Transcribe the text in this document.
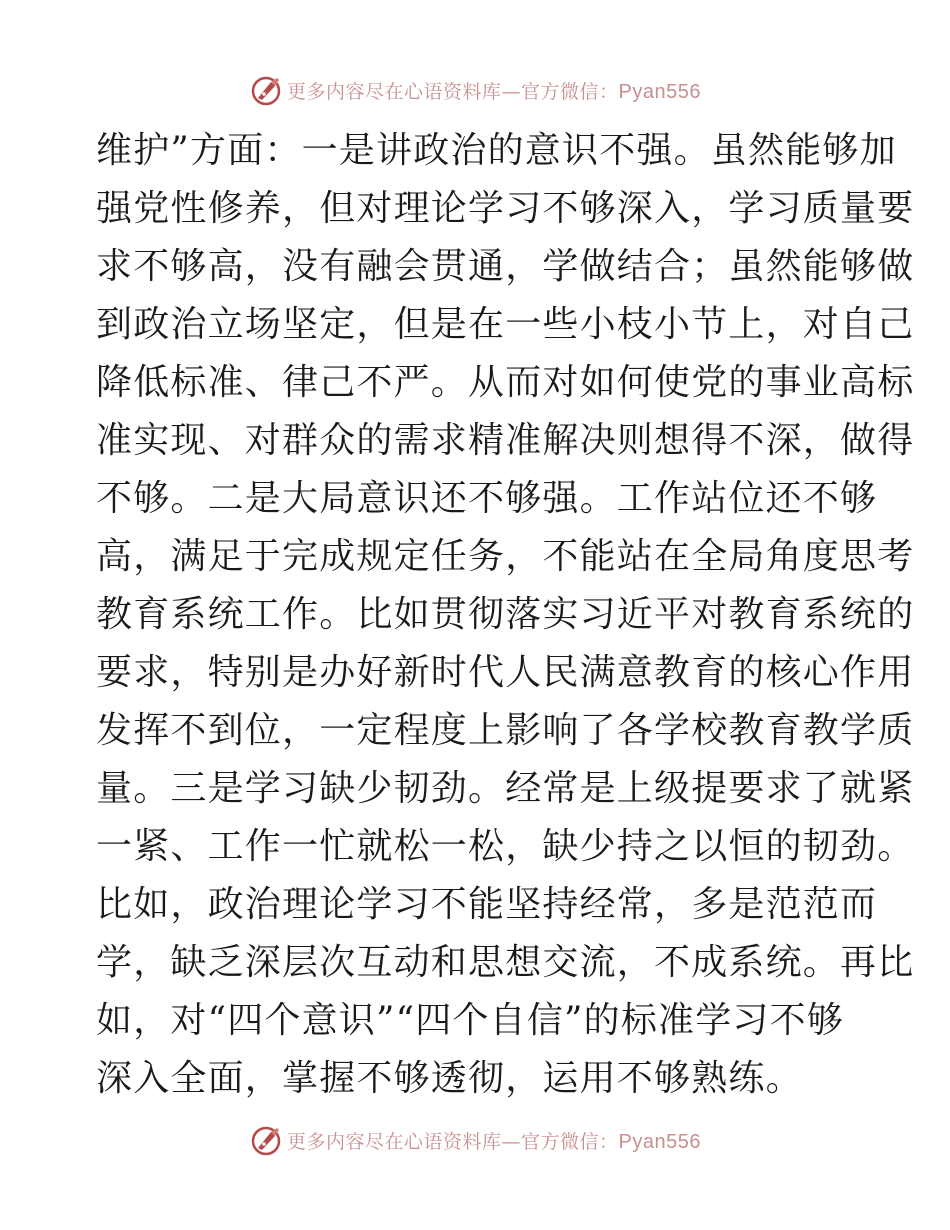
更多内容尽在心语资料库—官方微信：Pyan556
维护”方面：一是讲政治的意识不强。虽然能够加
强党性修养，但对理论学习不够深入，学习质量要
求不够高，没有融会贯通，学做结合；虽然能够做
到政治立场坚定，但是在一些小枝小节上，对自己
降低标准、律己不严。从而对如何使党的事业高标
准实现、对群众的需求精准解决则想得不深，做得
不够。二是大局意识还不够强。工作站位还不够
高，满足于完成规定任务，不能站在全局角度思考
教育系统工作。比如贯彻落实习近平对教育系统的
要求，特别是办好新时代人民满意教育的核心作用
发挥不到位，一定程度上影响了各学校教育教学质
量。三是学习缺少韧劲。经常是上级提要求了就紧
一紧、工作一忙就松一松，缺少持之以恒的韧劲。
比如，政治理论学习不能坚持经常，多是范范而
学，缺乏深层次互动和思想交流，不成系统。再比
如，对“四个意识”“四个自信”的标准学习不够
深入全面，掌握不够透彻，运用不够熟练。
更多内容尽在心语资料库—官方微信：Pyan556
